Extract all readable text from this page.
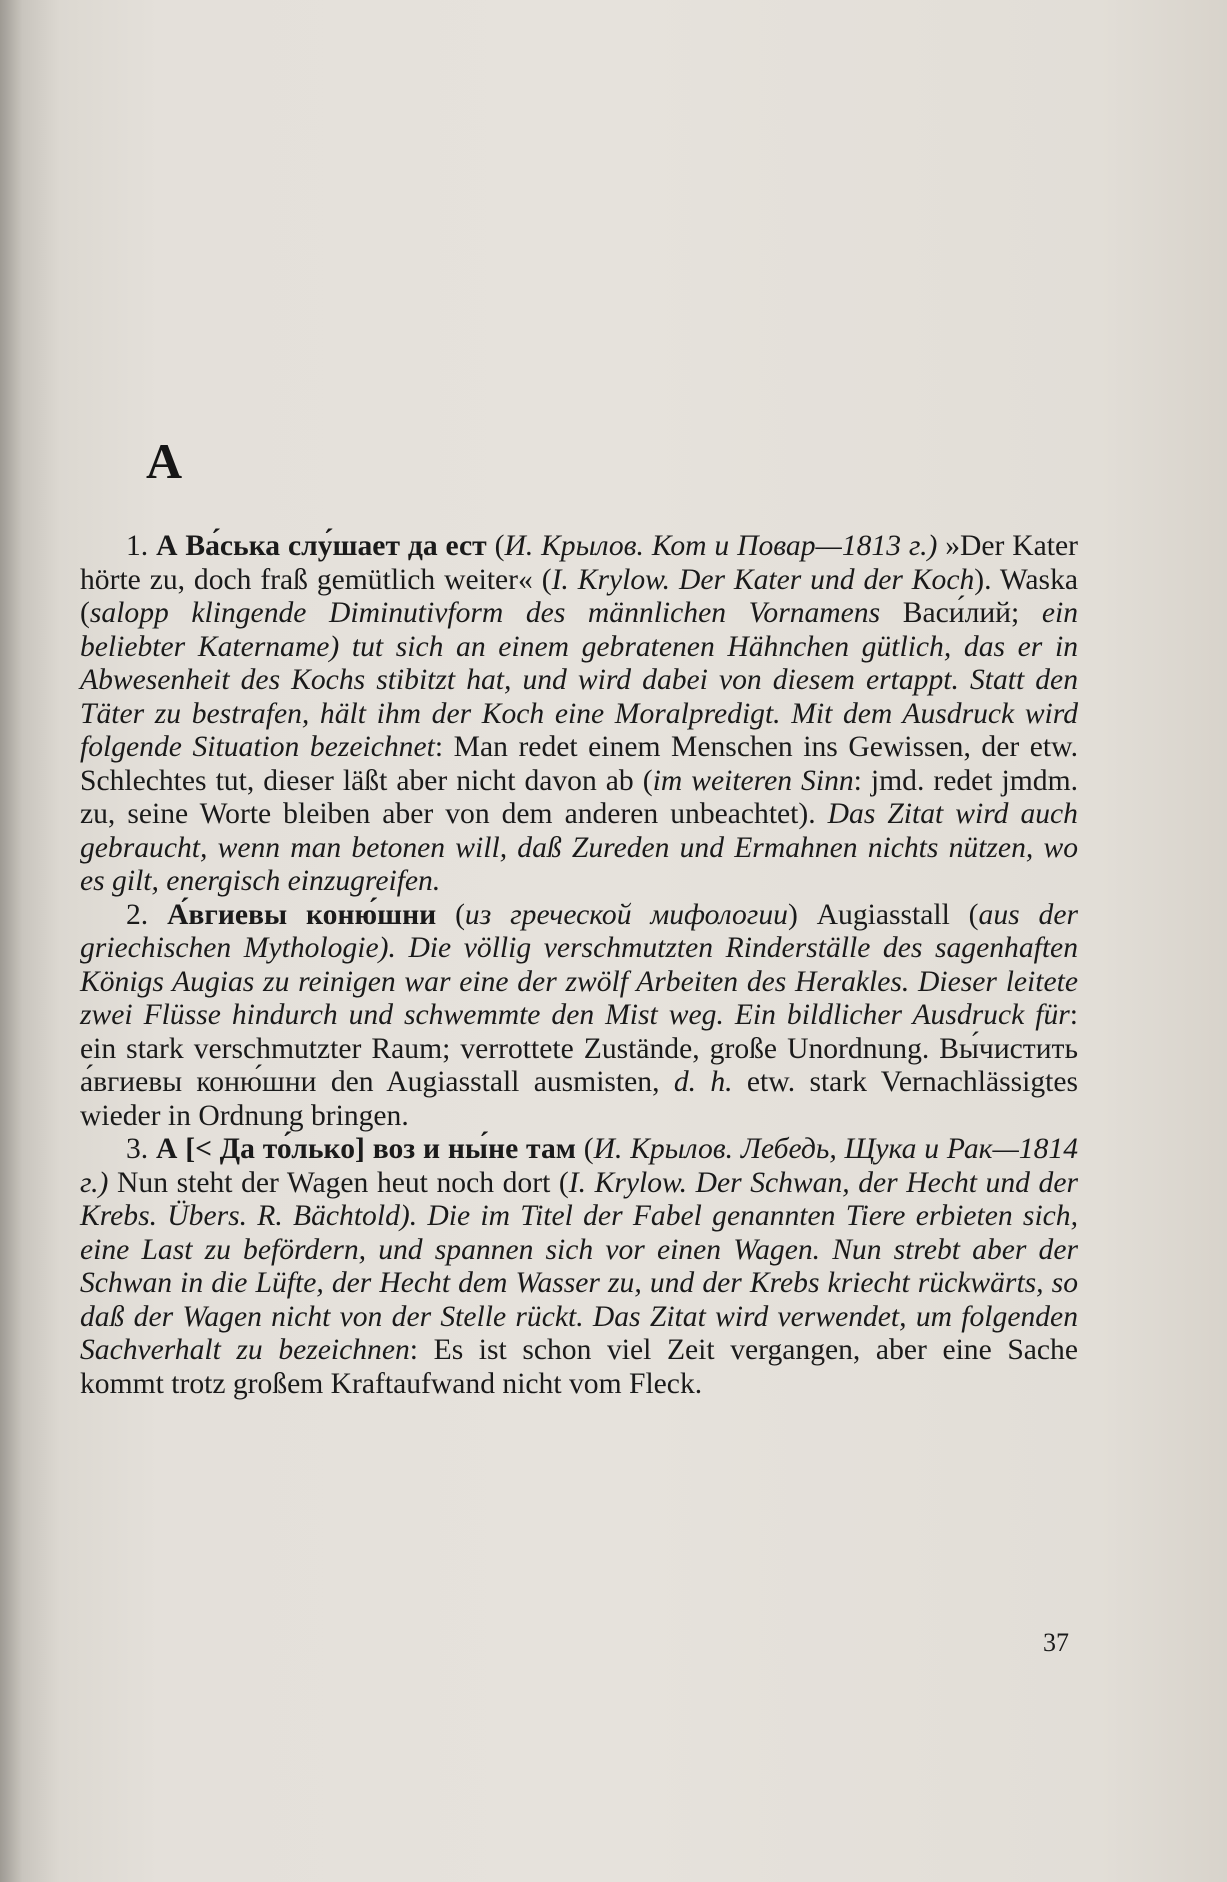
A

1. А Ва́ська слу́шает да ест (И. Крылов. Кот и Повар—1813 г.) »Der Kater hörte zu, doch fraß gemütlich weiter« (I. Krylow. Der Kater und der Koch). Waska (salopp klingende Diminutivform des männlichen Vornamens Васи́лий; ein beliebter Katername) tut sich an einem gebratenen Hähnchen gütlich, das er in Abwesenheit des Kochs stibitzt hat, und wird dabei von diesem ertappt. Statt den Täter zu bestrafen, hält ihm der Koch eine Moralpredigt. Mit dem Ausdruck wird folgende Situation bezeichnet: Man redet einem Menschen ins Gewissen, der etw. Schlechtes tut, dieser läßt aber nicht davon ab (im weiteren Sinn: jmd. redet jmdm. zu, seine Worte bleiben aber von dem anderen unbeachtet). Das Zitat wird auch gebraucht, wenn man betonen will, daß Zureden und Ermahnen nichts nützen, wo es gilt, energisch einzugreifen.

2. А́вгиевы коню́шни (из греческой мифологии) Augiasstall (aus der griechischen Mythologie). Die völlig verschmutzten Rinderställe des sagenhaften Königs Augias zu reinigen war eine der zwölf Arbeiten des Herakles. Dieser leitete zwei Flüsse hindurch und schwemmte den Mist weg. Ein bildlicher Ausdruck für: ein stark verschmutzter Raum; verrottete Zustände, große Unordnung. Вы́чистить а́вгиевы коню́шни den Augiasstall ausmisten, d. h. etw. stark Vernachlässigtes wieder in Ordnung bringen.

3. А [< Да то́лько] воз и ны́не там (И. Крылов. Лебедь, Щука и Рак—1814 г.) Nun steht der Wagen heut noch dort (I. Krylow. Der Schwan, der Hecht und der Krebs. Übers. R. Bächtold). Die im Titel der Fabel genannten Tiere erbieten sich, eine Last zu befördern, und spannen sich vor einen Wagen. Nun strebt aber der Schwan in die Lüfte, der Hecht dem Wasser zu, und der Krebs kriecht rückwärts, so daß der Wagen nicht von der Stelle rückt. Das Zitat wird verwendet, um folgenden Sachverhalt zu bezeichnen: Es ist schon viel Zeit vergangen, aber eine Sache kommt trotz großem Kraftaufwand nicht vom Fleck.

37
